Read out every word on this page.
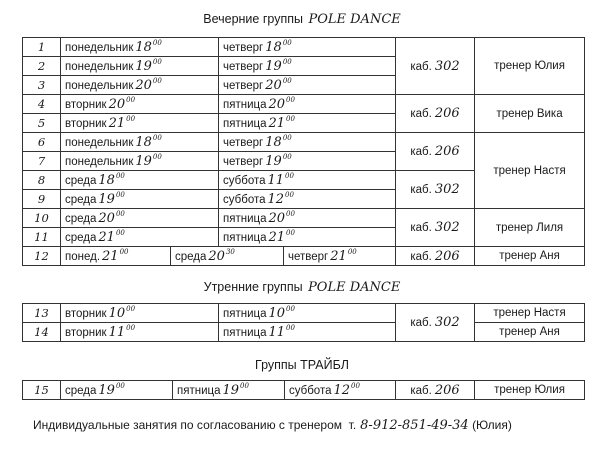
Вечерние группы POLE DANCE
1	понедельник $18^{00}$		четверг $18^{00}$		каб. 302	тренер Юлия
2	понедельник $19^{00}$		четверг $19^{00}$
3	понедельник $20^{00}$		четверг $20^{00}$
4	вторник $20^{00}$		пятница $20^{00}$		каб. 206	тренер Вика
5	вторник $21^{00}$		пятница $21^{00}$
6	понедельник $18^{00}$		четверг $18^{00}$		каб. 206	тренер Настя
7	понедельник $19^{00}$		четверг $19^{00}$
8	среда $18^{00}$		суббота $11^{00}$		каб. 302	
9	среда $19^{00}$		суббота $12^{00}$
10	среда $20^{00}$		пятница $20^{00}$		каб. 302	тренер Лиля
11	среда $21^{00}$		пятница $21^{00}$
12	понед. $21^{00}$	среда $20^{30}$		четверг $21^{00}$	каб. 206	тренер Аня
Утренние группы POLE DANCE
13	вторник $10^{00}$	пятница $10^{00}$	каб. 302	тренер Настя
14	вторник $11^{00}$	пятница $11^{00}$		тренер Аня
Группы ТРАЙБЛ
15	среда $19^{00}$	пятница $19^{00}$	суббота $12^{00}$	каб. 206	тренер Юлия
Индивидуальные занятия по согласованию с тренером  т. 8-912-851-49-34 (Юлия)
